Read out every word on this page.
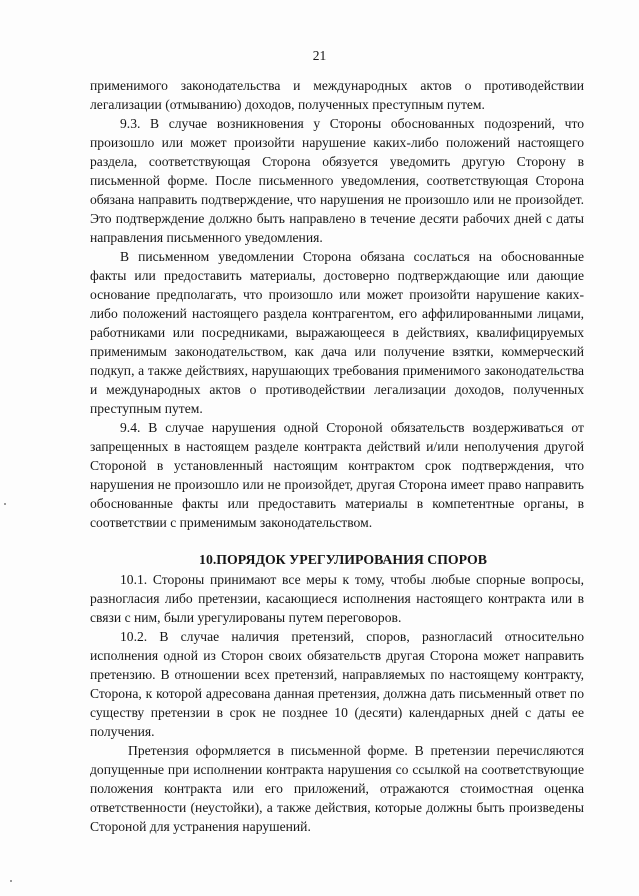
21

применимого законодательства и международных актов о противодействии легализации (отмыванию) доходов, полученных преступным путем.

9.3. В случае возникновения у Стороны обоснованных подозрений, что произошло или может произойти нарушение каких-либо положений настоящего раздела, соответствующая Сторона обязуется уведомить другую Сторону в письменной форме. После письменного уведомления, соответствующая Сторона обязана направить подтверждение, что нарушения не произошло или не произойдет. Это подтверждение должно быть направлено в течение десяти рабочих дней с даты направления письменного уведомления.

В письменном уведомлении Сторона обязана сослаться на обоснованные факты или предоставить материалы, достоверно подтверждающие или дающие основание предполагать, что произошло или может произойти нарушение каких-либо положений настоящего раздела контрагентом, его аффилированными лицами, работниками или посредниками, выражающееся в действиях, квалифицируемых применимым законодательством, как дача или получение взятки, коммерческий подкуп, а также действиях, нарушающих требования применимого законодательства и международных актов о противодействии легализации доходов, полученных преступным путем.

9.4. В случае нарушения одной Стороной обязательств воздерживаться от запрещенных в настоящем разделе контракта действий и/или неполучения другой Стороной в установленный настоящим контрактом срок подтверждения, что нарушения не произошло или не произойдет, другая Сторона имеет право направить обоснованные факты или предоставить материалы в компетентные органы, в соответствии с применимым законодательством.

10.ПОРЯДОК УРЕГУЛИРОВАНИЯ СПОРОВ

10.1. Стороны принимают все меры к тому, чтобы любые спорные вопросы, разногласия либо претензии, касающиеся исполнения настоящего контракта или в связи с ним, были урегулированы путем переговоров.

10.2. В случае наличия претензий, споров, разногласий относительно исполнения одной из Сторон своих обязательств другая Сторона может направить претензию. В отношении всех претензий, направляемых по настоящему контракту, Сторона, к которой адресована данная претензия, должна дать письменный ответ по существу претензии в срок не позднее 10 (десяти) календарных дней с даты ее получения.

Претензия оформляется в письменной форме. В претензии перечисляются допущенные при исполнении контракта нарушения со ссылкой на соответствующие положения контракта или его приложений, отражаются стоимостная оценка ответственности (неустойки), а также действия, которые должны быть произведены Стороной для устранения нарушений.
